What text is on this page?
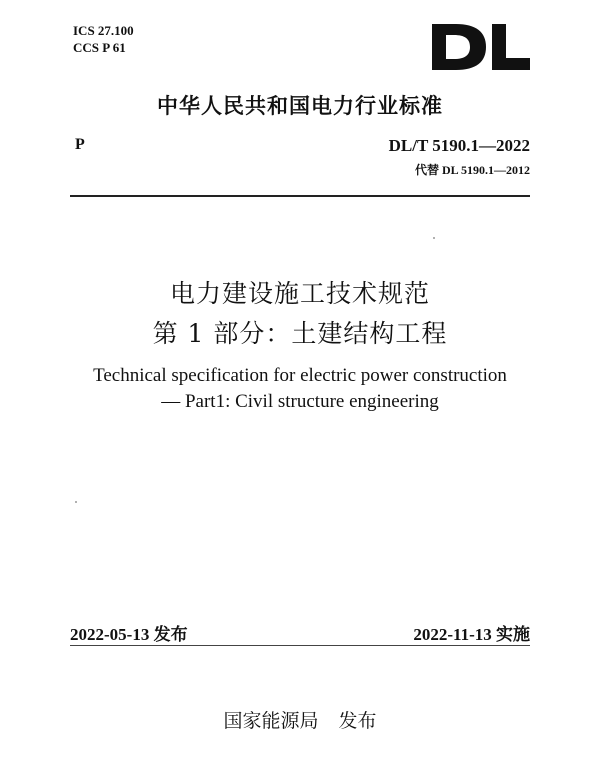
ICS 27.100
CCS P 61
中华人民共和国电力行业标准
P	DL/T 5190.1—2022
代替 DL 5190.1—2012
电力建设施工技术规范
第 1 部分：土建结构工程
Technical specification for electric power construction
— Part1: Civil structure engineering
2022-05-13 发布	2022-11-13 实施
国家能源局 发布
